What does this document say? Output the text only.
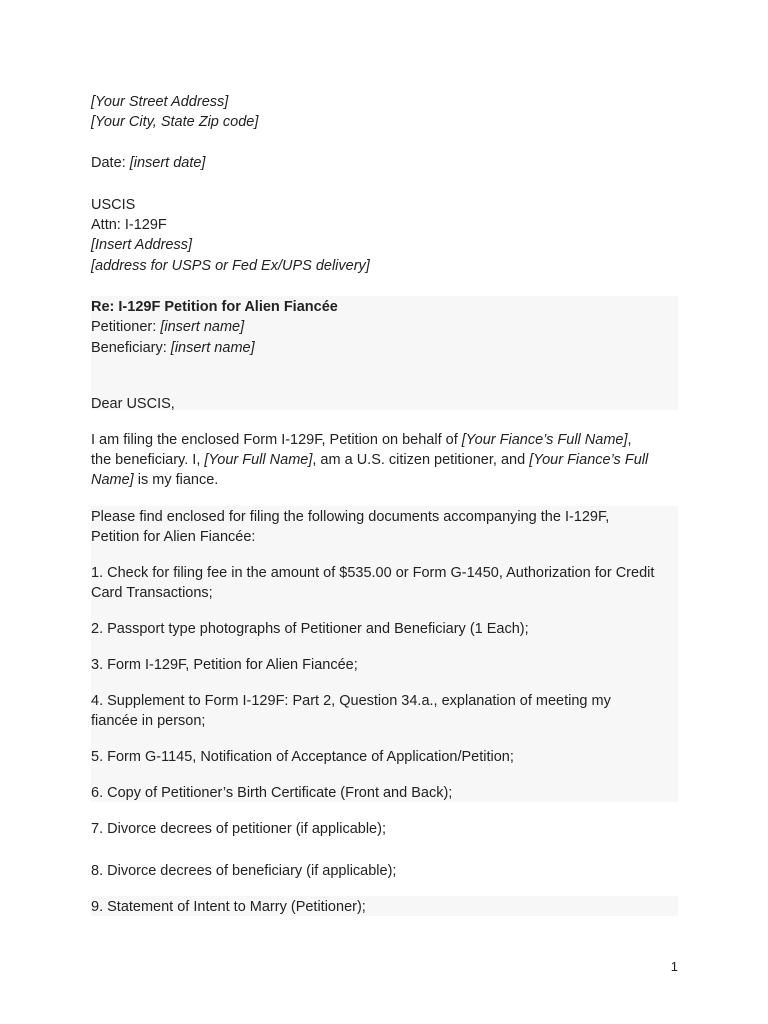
[Your Street Address]
[Your City, State Zip code]
Date: [insert date]
USCIS
Attn: I-129F
[Insert Address]
[address for USPS or Fed Ex/UPS delivery]
Re: I-129F Petition for Alien Fiancée
Petitioner: [insert name]
Beneficiary: [insert name]
Dear USCIS,
I am filing the enclosed Form I-129F, Petition on behalf of [Your Fiance’s Full Name],
the beneficiary. I, [Your Full Name], am a U.S. citizen petitioner, and [Your Fiance’s Full
Name] is my fiance.
Please find enclosed for filing the following documents accompanying the I-129F,
Petition for Alien Fiancée:
1. Check for filing fee in the amount of $535.00 or Form G-1450, Authorization for Credit
Card Transactions;
2. Passport type photographs of Petitioner and Beneficiary (1 Each);
3. Form I-129F, Petition for Alien Fiancée;
4. Supplement to Form I-129F: Part 2, Question 34.a., explanation of meeting my
fiancée in person;
5. Form G-1145, Notification of Acceptance of Application/Petition;
6. Copy of Petitioner’s Birth Certificate (Front and Back);
7. Divorce decrees of petitioner (if applicable);
8. Divorce decrees of beneficiary (if applicable);
9. Statement of Intent to Marry (Petitioner);
1
